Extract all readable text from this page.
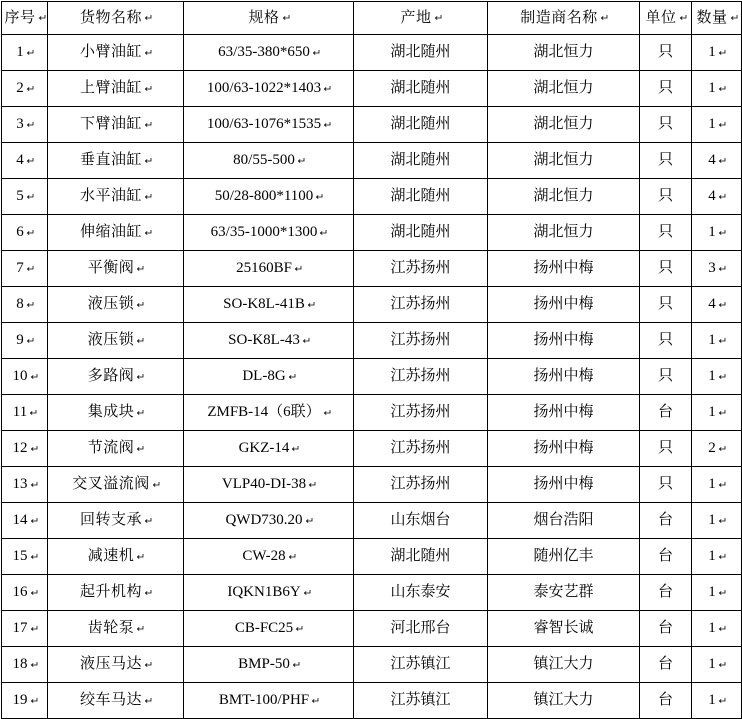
序号	货物名称	规格	产地	制造商名称	单位	数量

1	小臂油缸	63/35-380*650	湖北随州	湖北恒力	只	1

2	上臂油缸	100/63-1022*1403	湖北随州	湖北恒力	只	1

3	下臂油缸	100/63-1076*1535	湖北随州	湖北恒力	只	1

4	垂直油缸	80/55-500	湖北随州	湖北恒力	只	4

5	水平油缸	50/28-800*1100	湖北随州	湖北恒力	只	4

6	伸缩油缸	63/35-1000*1300	湖北随州	湖北恒力	只	1

7	平衡阀	25160BF	江苏扬州	扬州中梅	只	3

8	液压锁	SO-K8L-41B	江苏扬州	扬州中梅	只	4

9	液压锁	SO-K8L-43	江苏扬州	扬州中梅	只	1

10	多路阀	DL-8G	江苏扬州	扬州中梅	只	1

11	集成块	ZMFB-14（6联）	江苏扬州	扬州中梅	台	1

12	节流阀	GKZ-14	江苏扬州	扬州中梅	只	2

13	交叉溢流阀	VLP40-DI-38	江苏扬州	扬州中梅	只	1

14	回转支承	QWD730.20	山东烟台	烟台浩阳	台	1

15	减速机	CW-28	湖北随州	随州亿丰	台	1

16	起升机构	IQKN1B6Y	山东泰安	泰安艺群	台	1

17	齿轮泵	CB-FC25	河北邢台	睿智长诚	台	1

18	液压马达	BMP-50	江苏镇江	镇江大力	台	1

19	绞车马达	BMT-100/PHF	江苏镇江	镇江大力	台	1
